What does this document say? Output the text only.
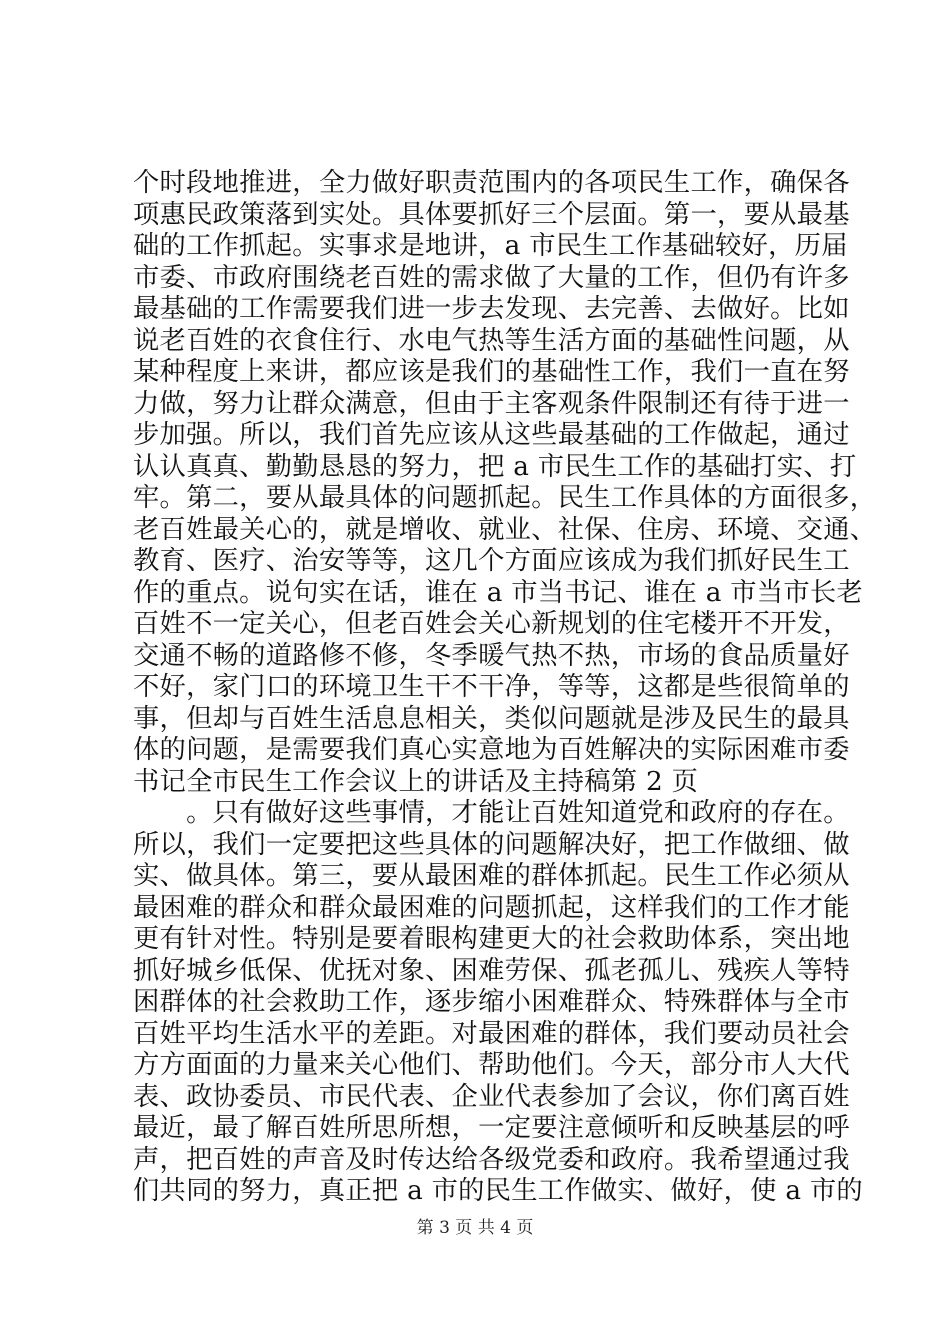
个时段地推进，全力做好职责范围内的各项民生工作，确保各
项惠民政策落到实处。具体要抓好三个层面。第一，要从最基
础的工作抓起。实事求是地讲，a 市民生工作基础较好，历届
市委、市政府围绕老百姓的需求做了大量的工作，但仍有许多
最基础的工作需要我们进一步去发现、去完善、去做好。比如
说老百姓的衣食住行、水电气热等生活方面的基础性问题，从
某种程度上来讲，都应该是我们的基础性工作，我们一直在努
力做，努力让群众满意，但由于主客观条件限制还有待于进一
步加强。所以，我们首先应该从这些最基础的工作做起，通过
认认真真、勤勤恳恳的努力，把 a 市民生工作的基础打实、打
牢。第二，要从最具体的问题抓起。民生工作具体的方面很多，
老百姓最关心的，就是增收、就业、社保、住房、环境、交通、
教育、医疗、治安等等，这几个方面应该成为我们抓好民生工
作的重点。说句实在话，谁在 a 市当书记、谁在 a 市当市长老
百姓不一定关心，但老百姓会关心新规划的住宅楼开不开发，
交通不畅的道路修不修，冬季暖气热不热，市场的食品质量好
不好，家门口的环境卫生干不干净，等等，这都是些很简单的
事，但却与百姓生活息息相关，类似问题就是涉及民生的最具
体的问题，是需要我们真心实意地为百姓解决的实际困难市委
书记全市民生工作会议上的讲话及主持稿第 2 页
　　。只有做好这些事情，才能让百姓知道党和政府的存在。
所以，我们一定要把这些具体的问题解决好，把工作做细、做
实、做具体。第三，要从最困难的群体抓起。民生工作必须从
最困难的群众和群众最困难的问题抓起，这样我们的工作才能
更有针对性。特别是要着眼构建更大的社会救助体系，突出地
抓好城乡低保、优抚对象、困难劳保、孤老孤儿、残疾人等特
困群体的社会救助工作，逐步缩小困难群众、特殊群体与全市
百姓平均生活水平的差距。对最困难的群体，我们要动员社会
方方面面的力量来关心他们、帮助他们。今天，部分市人大代
表、政协委员、市民代表、企业代表参加了会议，你们离百姓
最近，最了解百姓所思所想，一定要注意倾听和反映基层的呼
声，把百姓的声音及时传达给各级党委和政府。我希望通过我
们共同的努力，真正把 a 市的民生工作做实、做好，使 a 市的
第 3 页 共 4 页
